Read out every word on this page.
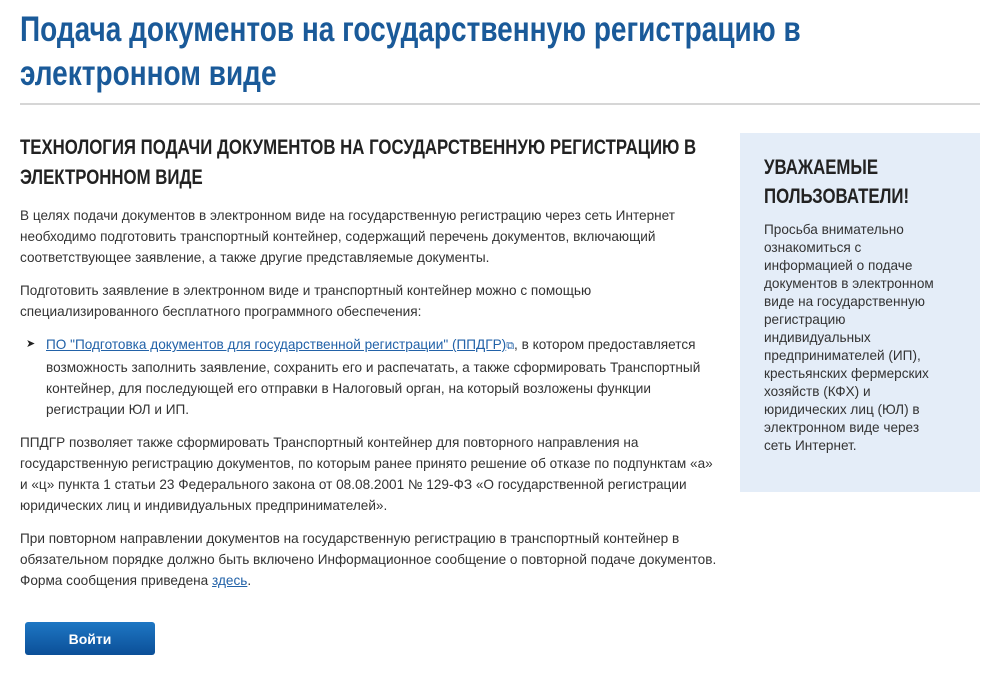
Подача документов на государственную регистрацию в
электронном виде
ТЕХНОЛОГИЯ ПОДАЧИ ДОКУМЕНТОВ НА ГОСУДАРСТВЕННУЮ РЕГИСТРАЦИЮ В
ЭЛЕКТРОННОМ ВИДЕ

В целях подачи документов в электронном виде на государственную регистрацию через сеть Интернет необходимо подготовить транспортный контейнер, содержащий перечень документов, включающий соответствующее заявление, а также другие представляемые документы.

Подготовить заявление в электронном виде и транспортный контейнер можно с помощью специализированного бесплатного программного обеспечения:

➤ ПО "Подготовка документов для государственной регистрации" (ППДГР)⧉, в котором предоставляется возможность заполнить заявление, сохранить его и распечатать, а также сформировать Транспортный контейнер, для последующей его отправки в Налоговый орган, на который возложены функции регистрации ЮЛ и ИП.

ППДГР позволяет также сформировать Транспортный контейнер для повторного направления на государственную регистрацию документов, по которым ранее принято решение об отказе по подпунктам «а» и «ц» пункта 1 статьи 23 Федерального закона от 08.08.2001 № 129-ФЗ «О государственной регистрации юридических лиц и индивидуальных предпринимателей».

При повторном направлении документов на государственную регистрацию в транспортный контейнер в обязательном порядке должно быть включено Информационное сообщение о повторной подаче документов. Форма сообщения приведена здесь.

Войти
УВАЖАЕМЫЕ ПОЛЬЗОВАТЕЛИ!

Просьба внимательно ознакомиться с информацией о подаче документов в электронном виде на государственную регистрацию индивидуальных предпринимателей (ИП), крестьянских фермерских хозяйств (КФХ) и юридических лиц (ЮЛ) в электронном виде через сеть Интернет.
